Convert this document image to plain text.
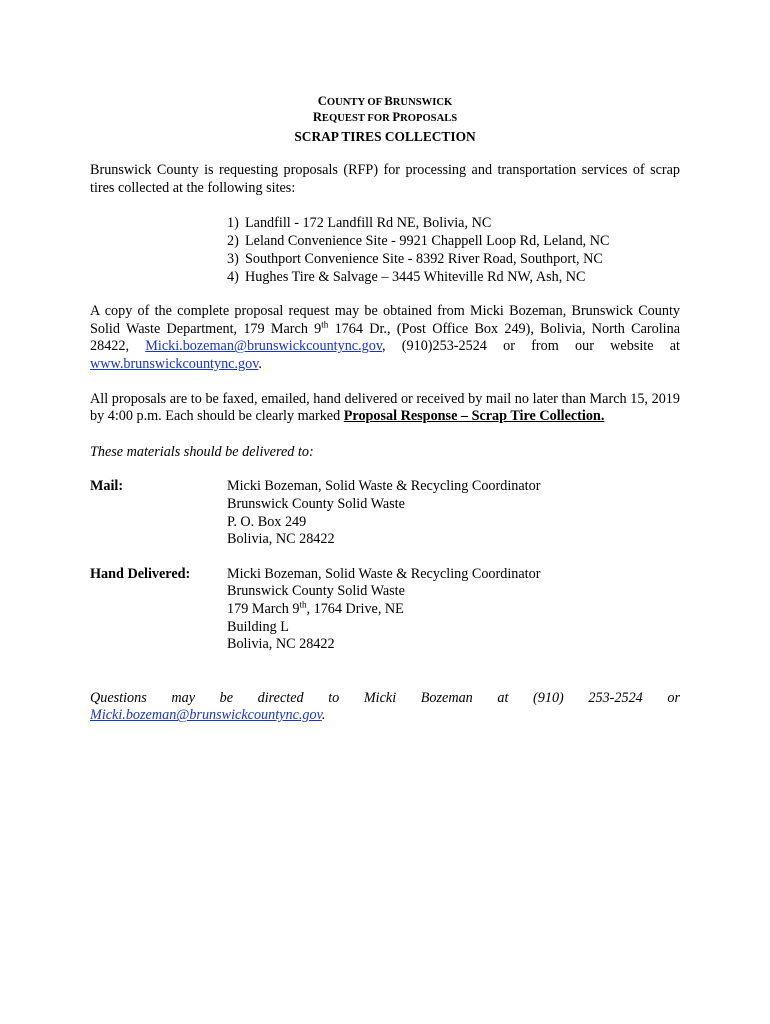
COUNTY OF BRUNSWICK
REQUEST FOR PROPOSALS
SCRAP TIRES COLLECTION

Brunswick County is requesting proposals (RFP) for processing and transportation services of scrap tires collected at the following sites:

1) Landfill - 172 Landfill Rd NE, Bolivia, NC
2) Leland Convenience Site - 9921 Chappell Loop Rd, Leland, NC
3) Southport Convenience Site - 8392 River Road, Southport, NC
4) Hughes Tire & Salvage – 3445 Whiteville Rd NW, Ash, NC

A copy of the complete proposal request may be obtained from Micki Bozeman, Brunswick County Solid Waste Department, 179 March 9th 1764 Dr., (Post Office Box 249), Bolivia, North Carolina 28422, Micki.bozeman@brunswickcountync.gov, (910)253-2524 or from our website at www.brunswickcountync.gov.

All proposals are to be faxed, emailed, hand delivered or received by mail no later than March 15, 2019 by 4:00 p.m. Each should be clearly marked Proposal Response – Scrap Tire Collection.

These materials should be delivered to:

Mail:	Micki Bozeman, Solid Waste & Recycling Coordinator
Brunswick County Solid Waste
P. O. Box 249
Bolivia, NC 28422
Hand Delivered:	Micki Bozeman, Solid Waste & Recycling Coordinator
Brunswick County Solid Waste
179 March 9th, 1764 Drive, NE
Building L
Bolivia, NC 28422

Questions may be directed to Micki Bozeman at (910) 253-2524 or Micki.bozeman@brunswickcountync.gov.
